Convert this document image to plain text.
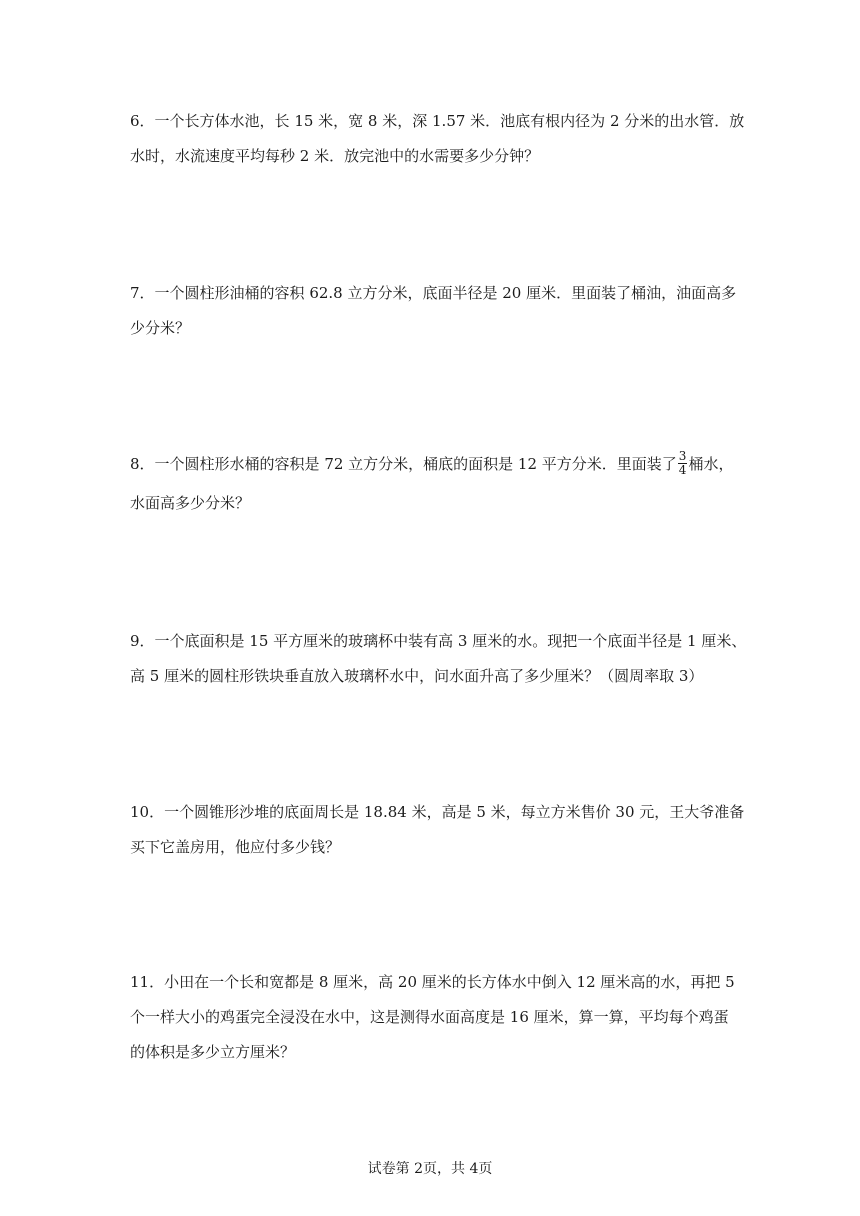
6．一个长方体水池，长 15 米，宽 8 米，深 1.57 米．池底有根内径为 2 分米的出水管．放
水时，水流速度平均每秒 2 米．放完池中的水需要多少分钟？
7．一个圆柱形油桶的容积 62.8 立方分米，底面半径是 20 厘米．里面装了桶油，油面高多
少分米？
8．一个圆柱形水桶的容积是 72 立方分米，桶底的面积是 12 平方分米．里面装了 $\frac{3}{4}$ 桶水，
水面高多少分米？
9．一个底面积是 15 平方厘米的玻璃杯中装有高 3 厘米的水。现把一个底面半径是 1 厘米、
高 5 厘米的圆柱形铁块垂直放入玻璃杯水中，问水面升高了多少厘米？（圆周率取 3）
10．一个圆锥形沙堆的底面周长是 18.84 米，高是 5 米，每立方米售价 30 元，王大爷准备
买下它盖房用，他应付多少钱？
11．小田在一个长和宽都是 8 厘米，高 20 厘米的长方体水中倒入 12 厘米高的水，再把 5
个一样大小的鸡蛋完全浸没在水中，这是测得水面高度是 16 厘米，算一算，平均每个鸡蛋
的体积是多少立方厘米？
试卷第 2页，共 4页
